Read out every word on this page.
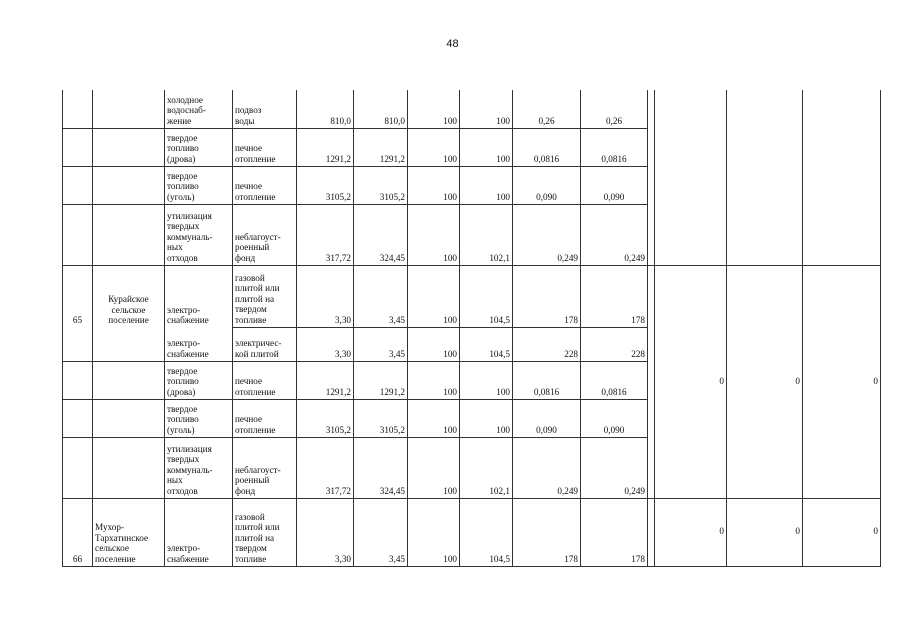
48
		холодное
водоснаб-
жение	подвоз
воды	810,0	810,0	100	100	0,26	0,26				
		твердое
топливо
(дрова)	печное
отопление	1291,2	1291,2	100	100	0,0816	0,0816				
		твердое
топливо
(уголь)	печное
отопление	3105,2	3105,2	100	100	0,090	0,090				
		утилизация
твердых
коммуналь-
ных
отходов	неблагоуст-
роенный
фонд	317,72	324,45	100	102,1	0,249	0,249				
65	Курайское
сельское
поселение	электро-
снабжение	газовой
плитой или
плитой на
твердом
топливе	3,30	3,45	100	104,5	178	178		0	0	0
		электро-
снабжение	электричес-
кой плитой	3,30	3,45	100	104,5	228	228				
		твердое
топливо
(дрова)	печное
отопление	1291,2	1291,2	100	100	0,0816	0,0816				
		твердое
топливо
(уголь)	печное
отопление	3105,2	3105,2	100	100	0,090	0,090				
		утилизация
твердых
коммуналь-
ных
отходов	неблагоуст-
роенный
фонд	317,72	324,45	100	102,1	0,249	0,249				
66	Мухор-
Тархатинское
сельское
поселение	электро-
снабжение	газовой
плитой или
плитой на
твердом
топливе	3,30	3,45	100	104,5	178	178		0	0	0
